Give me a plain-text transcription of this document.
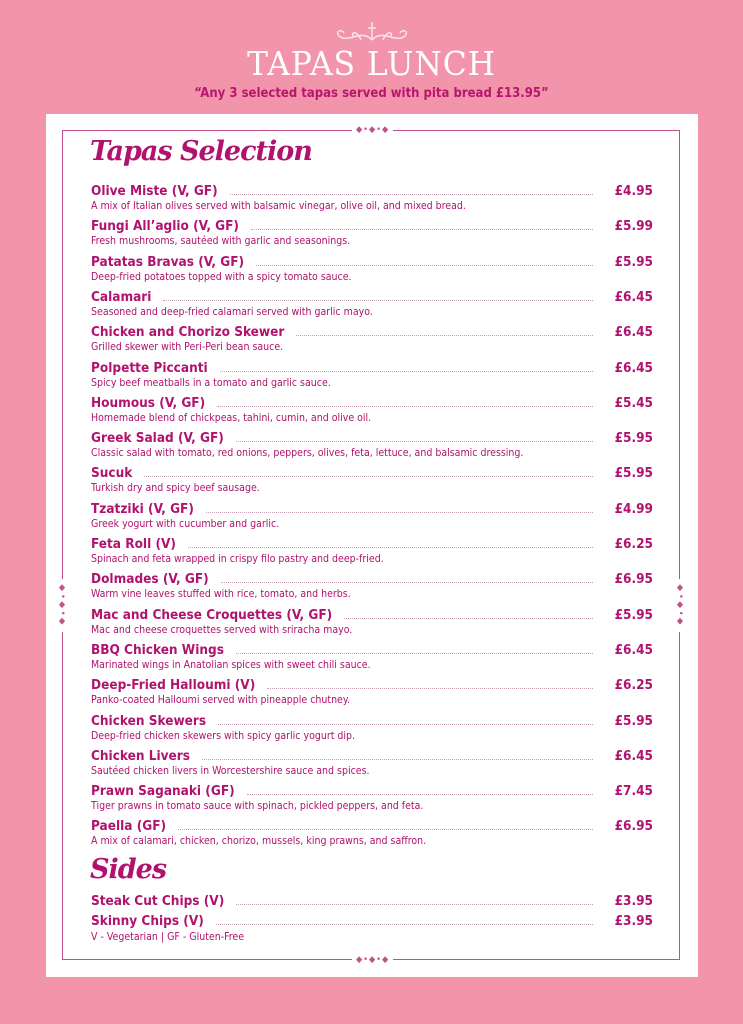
TAPAS LUNCH
“Any 3 selected tapas served with pita bread £13.95”
◆•◆•◆
◆•◆•◆
◆•◆•◆	◆•◆•◆
Tapas Selection
Olive Miste (V, GF)	£4.95
A mix of Italian olives served with balsamic vinegar, olive oil, and mixed bread.
Fungi All’aglio (V, GF)	£5.99
Fresh mushrooms, sautéed with garlic and seasonings.
Patatas Bravas (V, GF)	£5.95
Deep-fried potatoes topped with a spicy tomato sauce.
Calamari	£6.45
Seasoned and deep-fried calamari served with garlic mayo.
Chicken and Chorizo Skewer	£6.45
Grilled skewer with Peri-Peri bean sauce.
Polpette Piccanti	£6.45
Spicy beef meatballs in a tomato and garlic sauce.
Houmous (V, GF)	£5.45
Homemade blend of chickpeas, tahini, cumin, and olive oil.
Greek Salad (V, GF)	£5.95
Classic salad with tomato, red onions, peppers, olives, feta, lettuce, and balsamic dressing.
Sucuk	£5.95
Turkish dry and spicy beef sausage.
Tzatziki (V, GF)	£4.99
Greek yogurt with cucumber and garlic.
Feta Roll (V)	£6.25
Spinach and feta wrapped in crispy filo pastry and deep-fried.
Dolmades (V, GF)	£6.95
Warm vine leaves stuffed with rice, tomato, and herbs.
Mac and Cheese Croquettes (V, GF)	£5.95
Mac and cheese croquettes served with sriracha mayo.
BBQ Chicken Wings	£6.45
Marinated wings in Anatolian spices with sweet chili sauce.
Deep-Fried Halloumi (V)	£6.25
Panko-coated Halloumi served with pineapple chutney.
Chicken Skewers	£5.95
Deep-fried chicken skewers with spicy garlic yogurt dip.
Chicken Livers	£6.45
Sautéed chicken livers in Worcestershire sauce and spices.
Prawn Saganaki (GF)	£7.45
Tiger prawns in tomato sauce with spinach, pickled peppers, and feta.
Paella (GF)	£6.95
A mix of calamari, chicken, chorizo, mussels, king prawns, and saffron.
Sides
Steak Cut Chips (V)	£3.95
Skinny Chips (V)	£3.95
V - Vegetarian | GF - Gluten-Free
